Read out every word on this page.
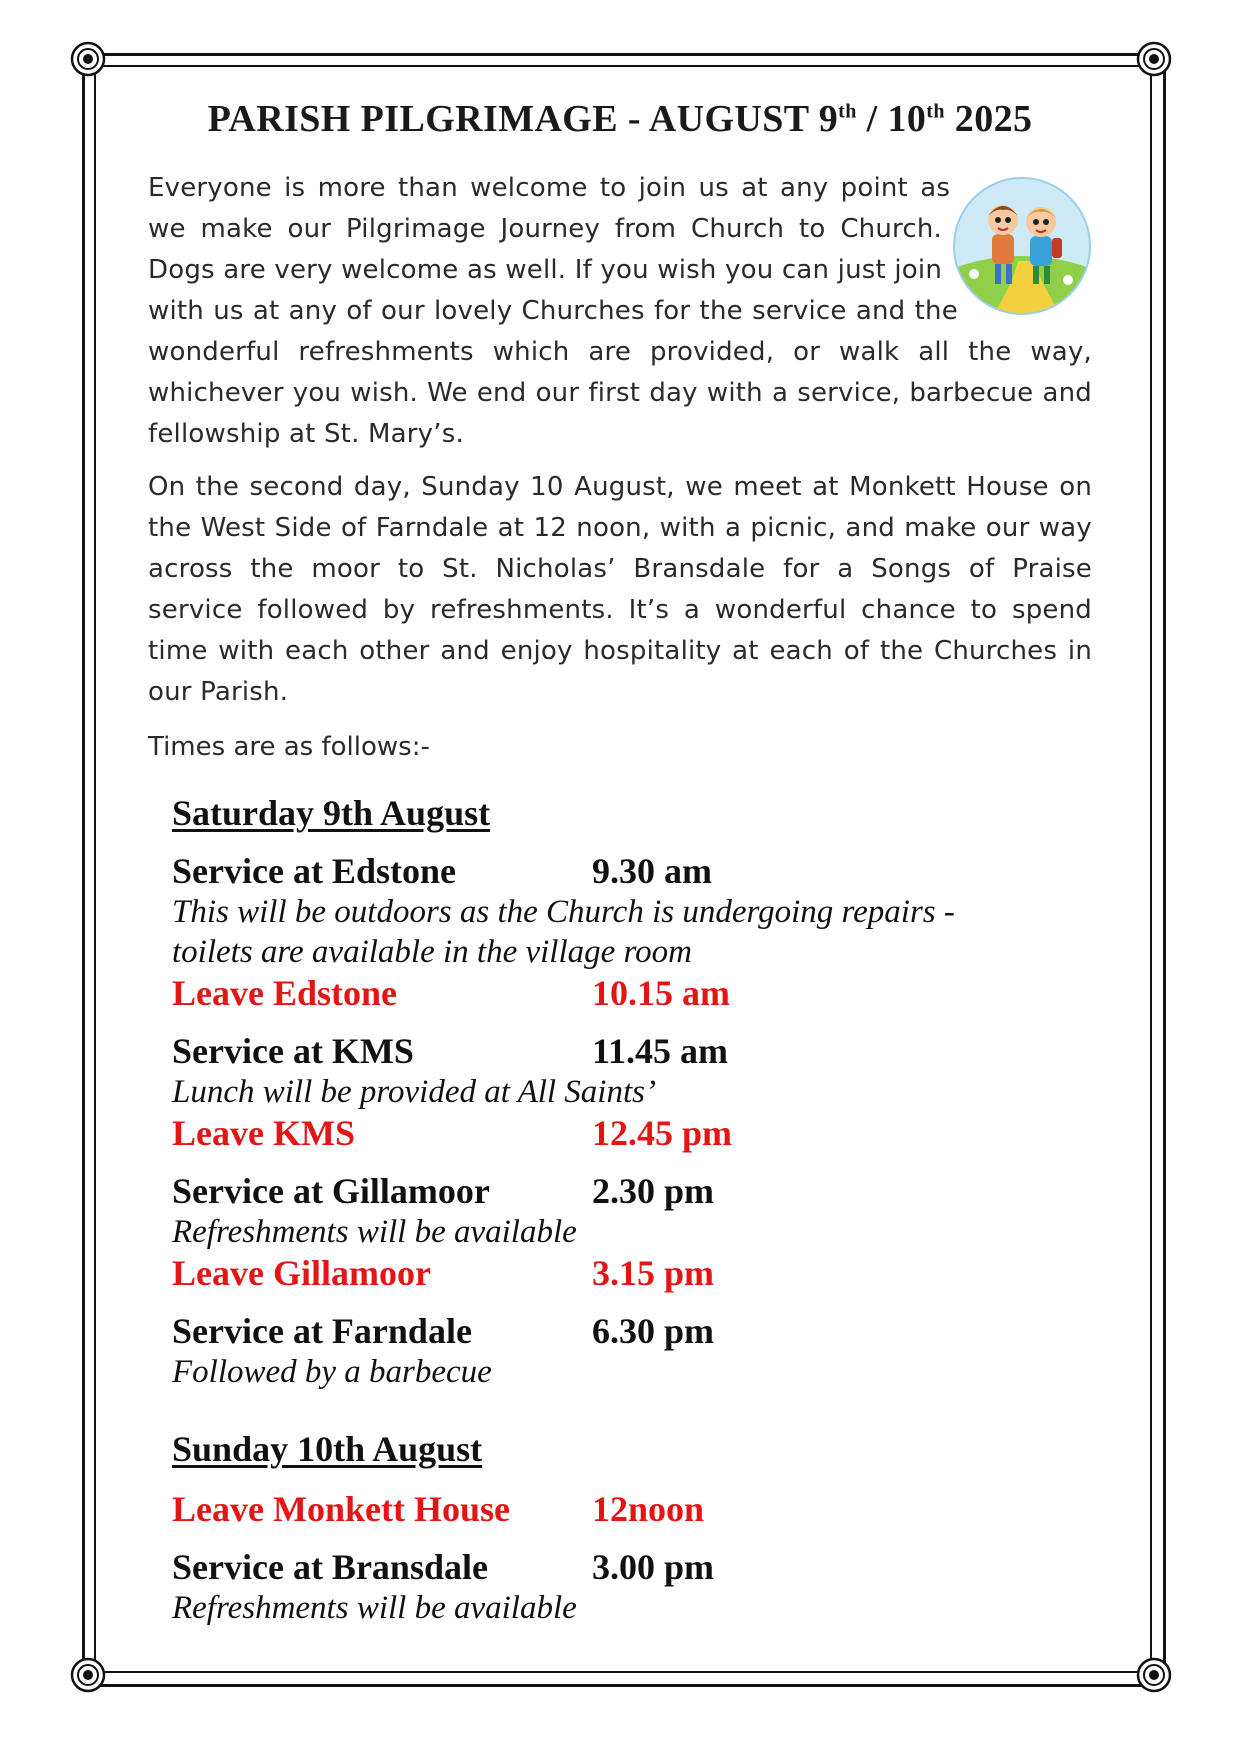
PARISH PILGRIMAGE - AUGUST 9th / 10th 2025

Everyone is more than welcome to join us at any point as we make our Pilgrimage Journey from Church to Church. Dogs are very welcome as well. If you wish you can just join with us at any of our lovely Churches for the service and the wonderful refreshments which are provided, or walk all the way, whichever you wish. We end our first day with a service, barbecue and fellowship at St. Mary’s.

On the second day, Sunday 10 August, we meet at Monkett House on the West Side of Farndale at 12 noon, with a picnic, and make our way across the moor to St. Nicholas’ Bransdale for a Songs of Praise service followed by refreshments. It’s a wonderful chance to spend time with each other and enjoy hospitality at each of the Churches in our Parish.

Times are as follows:-

Saturday 9th August
Service at Edstone	9.30 am
This will be outdoors as the Church is undergoing repairs -
toilets are available in the village room
Leave Edstone	10.15 am
Service at KMS	11.45 am
Lunch will be provided at All Saints’
Leave KMS	12.45 pm
Service at Gillamoor	2.30 pm
Refreshments will be available
Leave Gillamoor	3.15 pm
Service at Farndale	6.30 pm
Followed by a barbecue
Sunday 10th August
Leave Monkett House	12noon
Service at Bransdale	3.00 pm
Refreshments will be available
